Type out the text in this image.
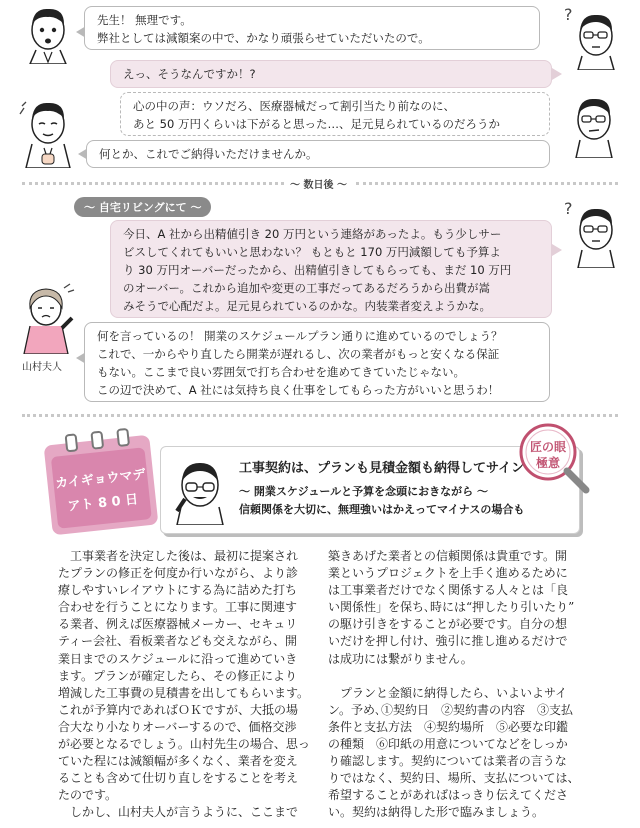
先生！ 無理です。
弊社としては減額案の中で、かなり頑張らせていただいたので。
?
えっ、そうなんですか！?
心の中の声：ウソだろ、医療器械だって割引当たり前なのに、
あと 50 万円くらいは下がると思った…、足元見られているのだろうか
何とか、これでご納得いただけませんか。
〜 数日後 〜
〜 自宅リビングにて 〜
今日、A 社から出精値引き 20 万円という連絡があったよ。もう少しサー
ビスしてくれてもいいと思わない？ もともと 170 万円減額しても予算よ
り 30 万円オーバーだったから、出精値引きしてもらっても、まだ 10 万円
のオーバー。これから追加や変更の工事だってあるだろうから出費が嵩
みそうで心配だよ。足元見られているのかな。内装業者変えようかな。
?
山村夫人
何を言っているの！ 開業のスケジュールプラン通りに進めているのでしょう？
これで、一からやり直したら開業が遅れるし、次の業者がもっと安くなる保証
もない。ここまで良い雰囲気で打ち合わせを進めてきていたじゃない。
この辺で決めて、A 社には気持ち良く仕事をしてもらった方がいいと思うわ！
カイギョウマデ
アト 8 0 日
工事契約は、プランも見積金額も納得してサイン
〜 開業スケジュールと予算を念頭におきながら 〜
信頼関係を大切に、無理強いはかえってマイナスの場合も
匠の眼
極意
　工事業者を決定した後は、最初に提案され
たプランの修正を何度か行いながら、より診
療しやすいレイアウトにする為に詰めた打ち
合わせを行うことになります。工事に関連す
る業者、例えば医療器械メーカー、セキュリ
ティー会社、看板業者なども交えながら、開
業日までのスケジュールに沿って進めていき
ます。プランが確定したら、その修正により
増減した工事費の見積書を出してもらいます。
これが予算内であればＯＫですが、大抵の場
合大なり小なりオーバーするので、価格交渉
が必要となるでしょう。山村先生の場合、思っ
ていた程には減額幅が多くなく、業者を変え
ることも含めて仕切り直しをすることを考え
たのです。
　しかし、山村夫人が言うように、ここまで
築きあげた業者との信頼関係は貴重です。開
業というプロジェクトを上手く進めるために
は工事業者だけでなく関係する人々とは「良
い関係性」を保ち､時には“押したり引いたり”
の駆け引きをすることが必要です。自分の想
いだけを押し付け、強引に推し進めるだけで
は成功には繋がりません。
　プランと金額に納得したら、いよいよサイ
ン。予め､①契約日　②契約書の内容　③支払
条件と支払方法　④契約場所　⑤必要な印鑑
の種類　⑥印紙の用意についてなどをしっか
り確認します。契約については業者の言うな
りではなく、契約日、場所、支払については、
希望することがあればはっきり伝えてくださ
い。契約は納得した形で臨みましょう。
